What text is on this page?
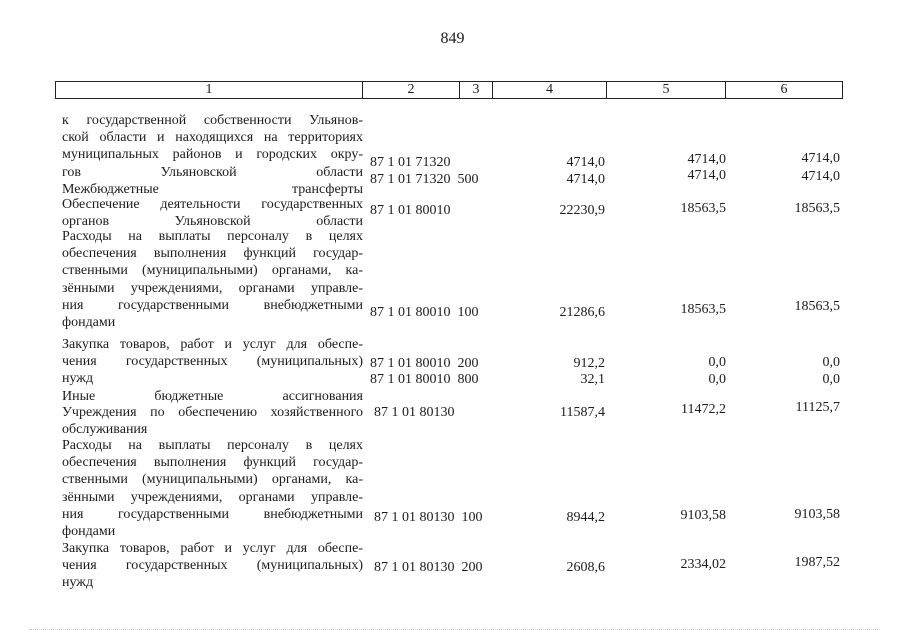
849
1	2	3	4	5	6
к государственной собственности Ульянов-
ской области и находящихся на территориях
муниципальных районов и городских окру-
гов Ульяновской области
87 1 01 71320	4714,0	4714,0	4714,0
Межбюджетные трансферты
87 1 01 71320 500	4714,0	4714,0	4714,0
Обеспечение деятельности государственных
органов Ульяновской области
87 1 01 80010	22230,9	18563,5	18563,5
Расходы на выплаты персоналу в целях
обеспечения выполнения функций государ-
ственными (муниципальными) органами, ка-
зёнными учреждениями, органами управле-
ния государственными внебюджетными
фондами
87 1 01 80010 100	21286,6	18563,5	18563,5
Закупка товаров, работ и услуг для обеспе-
чения государственных (муниципальных)
нужд
87 1 01 80010 200	912,2	0,0	0,0
Иные бюджетные ассигнования
87 1 01 80010 800	32,1	0,0	0,0
Учреждения по обеспечению хозяйственного
обслуживания
87 1 01 80130	11587,4	11472,2	11125,7
Расходы на выплаты персоналу в целях
обеспечения выполнения функций государ-
ственными (муниципальными) органами, ка-
зёнными учреждениями, органами управле-
ния государственными внебюджетными
фондами
87 1 01 80130 100	8944,2	9103,58	9103,58
Закупка товаров, работ и услуг для обеспе-
чения государственных (муниципальных)
нужд
87 1 01 80130 200	2608,6	2334,02	1987,52
